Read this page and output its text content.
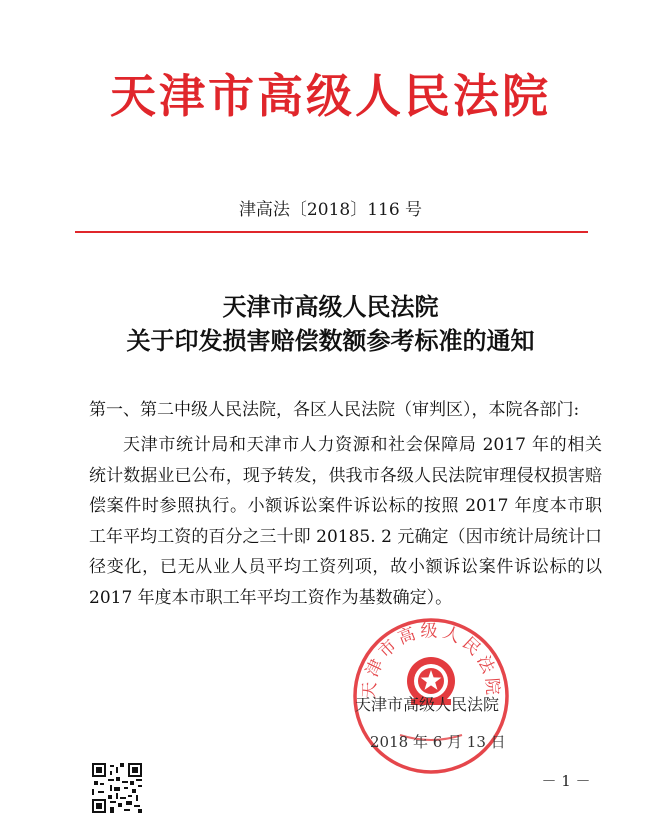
天津市高级人民法院
津高法〔2018〕116 号
天津市高级人民法院
关于印发损害赔偿数额参考标准的通知
第一、第二中级人民法院，各区人民法院（审判区），本院各部门:
天津市统计局和天津市人力资源和社会保障局 2017 年的相关统计数据业已公布，现予转发，供我市各级人民法院审理侵权损害赔偿案件时参照执行。小额诉讼案件诉讼标的按照 2017 年度本市职工年平均工资的百分之三十即 20185. 2 元确定（因市统计局统计口径变化，已无从业人员平均工资列项，故小额诉讼案件诉讼标的以 2017 年度本市职工年平均工资作为基数确定）。
天津市高级人民法院
天津市高级人民法院
2018 年 6 月 13 日
－ 1 －
